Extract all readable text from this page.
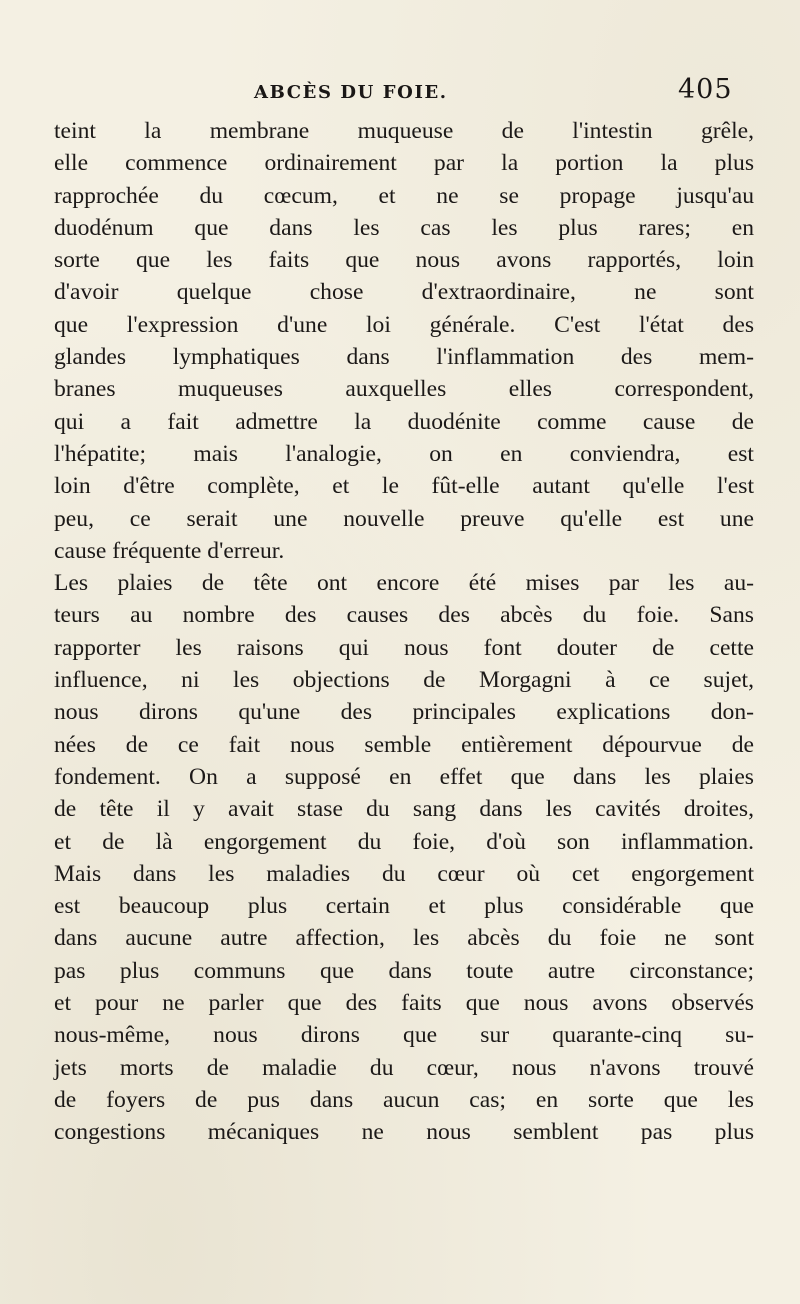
ABCÈS DU FOIE.	405
teint la membrane muqueuse de l'intestin grêle,
elle commence ordinairement par la portion la plus
rapprochée du cœcum, et ne se propage jusqu'au
duodénum que dans les cas les plus rares; en
sorte que les faits que nous avons rapportés, loin
d'avoir quelque chose d'extraordinaire, ne sont
que l'expression d'une loi générale. C'est l'état des
glandes lymphatiques dans l'inflammation des mem-
branes muqueuses auxquelles elles correspondent,
qui a fait admettre la duodénite comme cause de
l'hépatite; mais l'analogie, on en conviendra, est
loin d'être complète, et le fût-elle autant qu'elle l'est
peu, ce serait une nouvelle preuve qu'elle est une
cause fréquente d'erreur.
Les plaies de tête ont encore été mises par les au-
teurs au nombre des causes des abcès du foie. Sans
rapporter les raisons qui nous font douter de cette
influence, ni les objections de Morgagni à ce sujet,
nous dirons qu'une des principales explications don-
nées de ce fait nous semble entièrement dépourvue de
fondement. On a supposé en effet que dans les plaies
de tête il y avait stase du sang dans les cavités droites,
et de là engorgement du foie, d'où son inflammation.
Mais dans les maladies du cœur où cet engorgement
est beaucoup plus certain et plus considérable que
dans aucune autre affection, les abcès du foie ne sont
pas plus communs que dans toute autre circonstance;
et pour ne parler que des faits que nous avons observés
nous-même, nous dirons que sur quarante-cinq su-
jets morts de maladie du cœur, nous n'avons trouvé
de foyers de pus dans aucun cas; en sorte que les
congestions mécaniques ne nous semblent pas plus
